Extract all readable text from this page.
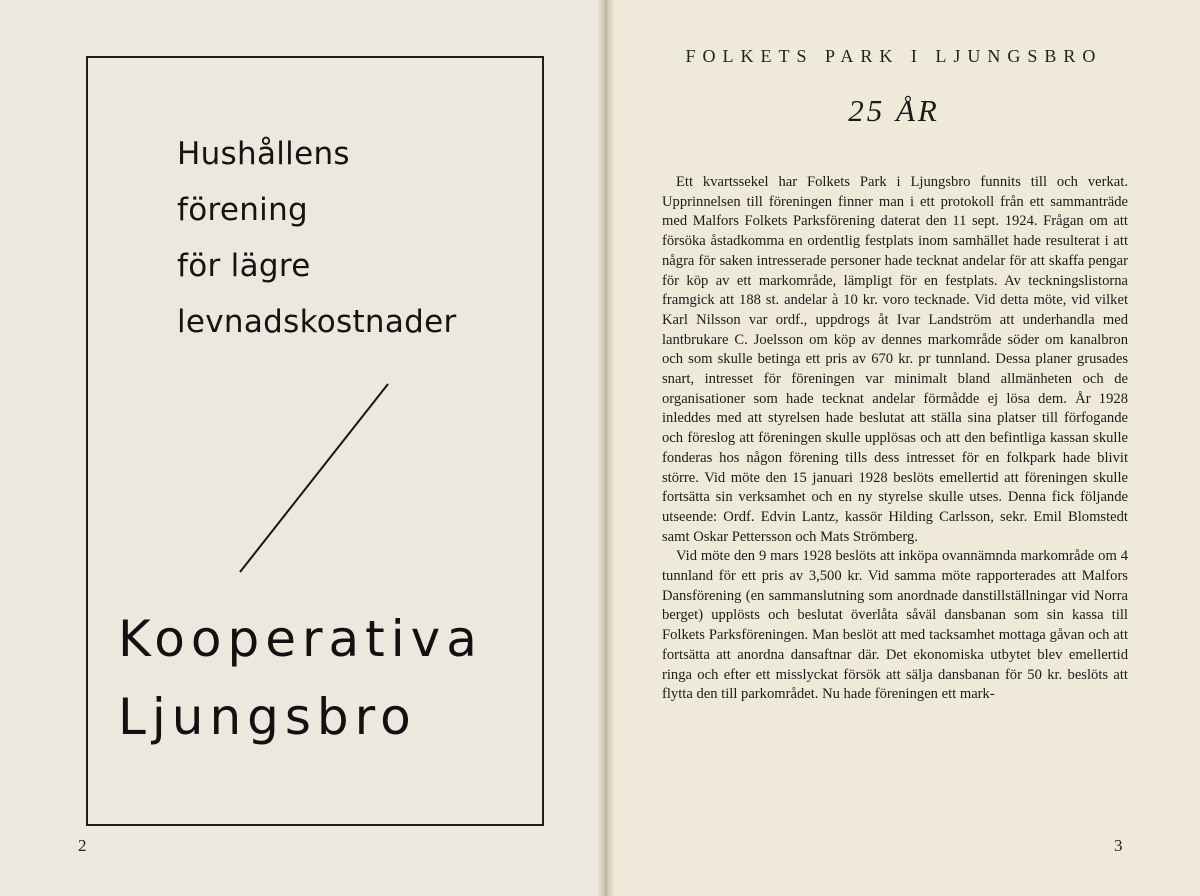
Hushållens
förening
för lägre
levnadskostnader
Kooperativa
Ljungsbro
2
FOLKETS PARK I LJUNGSBRO
25 ÅR

Ett kvartssekel har Folkets Park i Ljungsbro funnits till och verkat. Upprinnelsen till föreningen finner man i ett protokoll från ett sammanträde med Malfors Folkets Parksförening daterat den 11 sept. 1924. Frågan om att försöka åstadkomma en ordentlig festplats inom samhället hade resulterat i att några för saken intresserade personer hade tecknat andelar för att skaffa pengar för köp av ett markområde, lämpligt för en festplats. Av teckningslistorna framgick att 188 st. andelar à 10 kr. voro tecknade. Vid detta möte, vid vilket Karl Nilsson var ordf., uppdrogs åt Ivar Landström att underhandla med lantbrukare C. Joelsson om köp av dennes markområde söder om kanalbron och som skulle betinga ett pris av 670 kr. pr tunnland. Dessa planer grusades snart, intresset för föreningen var minimalt bland allmänheten och de organisationer som hade tecknat andelar förmådde ej lösa dem. År 1928 inleddes med att styrelsen hade beslutat att ställa sina platser till förfogande och föreslog att föreningen skulle upplösas och att den befintliga kassan skulle fonderas hos någon förening tills dess intresset för en folkpark hade blivit större. Vid möte den 15 januari 1928 beslöts emellertid att föreningen skulle fortsätta sin verksamhet och en ny styrelse skulle utses. Denna fick följande utseende: Ordf. Edvin Lantz, kassör Hilding Carlsson, sekr. Emil Blomstedt samt Oskar Pettersson och Mats Strömberg.

Vid möte den 9 mars 1928 beslöts att inköpa ovannämnda markområde om 4 tunnland för ett pris av 3,500 kr. Vid samma möte rapporterades att Malfors Dansförening (en sammanslutning som anordnade danstillställningar vid Norra berget) upplösts och beslutat överlåta såväl dansbanan som sin kassa till Folkets Parksföreningen. Man beslöt att med tacksamhet mottaga gåvan och att fortsätta att anordna dansaftnar där. Det ekonomiska utbytet blev emellertid ringa och efter ett misslyckat försök att sälja dansbanan för 50 kr. beslöts att flytta den till parkområdet. Nu hade föreningen ett mark-

3
